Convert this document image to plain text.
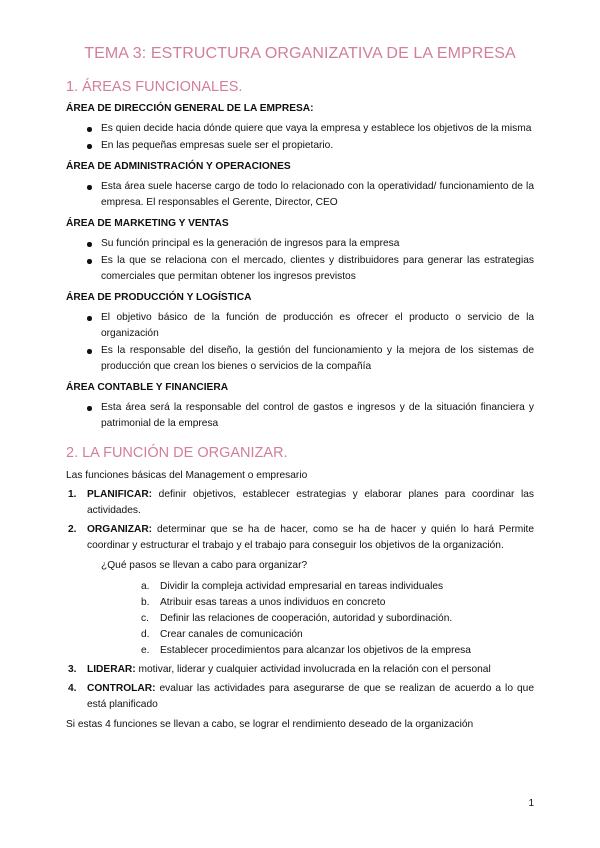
TEMA 3: ESTRUCTURA ORGANIZATIVA DE LA EMPRESA
1. ÁREAS FUNCIONALES.
ÁREA DE DIRECCIÓN GENERAL DE LA EMPRESA:
Es quien decide hacia dónde quiere que vaya la empresa y establece los objetivos de la misma
En las pequeñas empresas suele ser el propietario.
ÁREA DE ADMINISTRACIÓN Y OPERACIONES
Esta área suele hacerse cargo de todo lo relacionado con la operatividad/ funcionamiento de la empresa. El responsables el Gerente, Director, CEO
ÁREA DE MARKETING Y VENTAS
Su función principal es la generación de ingresos para la empresa
Es la que se relaciona con el mercado, clientes y distribuidores para generar las estrategias comerciales que permitan obtener los ingresos previstos
ÁREA DE PRODUCCIÓN Y LOGÍSTICA
El objetivo básico de la función de producción es ofrecer el producto o servicio de la organización
Es la responsable del diseño, la gestión del funcionamiento y la mejora de los sistemas de producción que crean los bienes o servicios de la compañía
ÁREA CONTABLE Y FINANCIERA
Esta área será la responsable del control de gastos e ingresos y de la situación financiera y patrimonial de la empresa
2. LA FUNCIÓN DE ORGANIZAR.

Las funciones básicas del Management o empresario

1. PLANIFICAR: definir objetivos, establecer estrategias y elaborar planes para coordinar las actividades.
2. ORGANIZAR: determinar que se ha de hacer, como se ha de hacer y quién lo hará Permite coordinar y estructurar el trabajo y el trabajo para conseguir los objetivos de la organización.

¿Qué pasos se llevan a cabo para organizar?

a. Dividir la compleja actividad empresarial en tareas individuales
b. Atribuir esas tareas a unos individuos en concreto
c. Definir las relaciones de cooperación, autoridad y subordinación.
d. Crear canales de comunicación
e. Establecer procedimientos para alcanzar los objetivos de la empresa
3. LIDERAR: motivar, liderar y cualquier actividad involucrada en la relación con el personal
4. CONTROLAR: evaluar las actividades para asegurarse de que se realizan de acuerdo a lo que está planificado

Si estas 4 funciones se llevan a cabo, se lograr el rendimiento deseado de la organización

1
